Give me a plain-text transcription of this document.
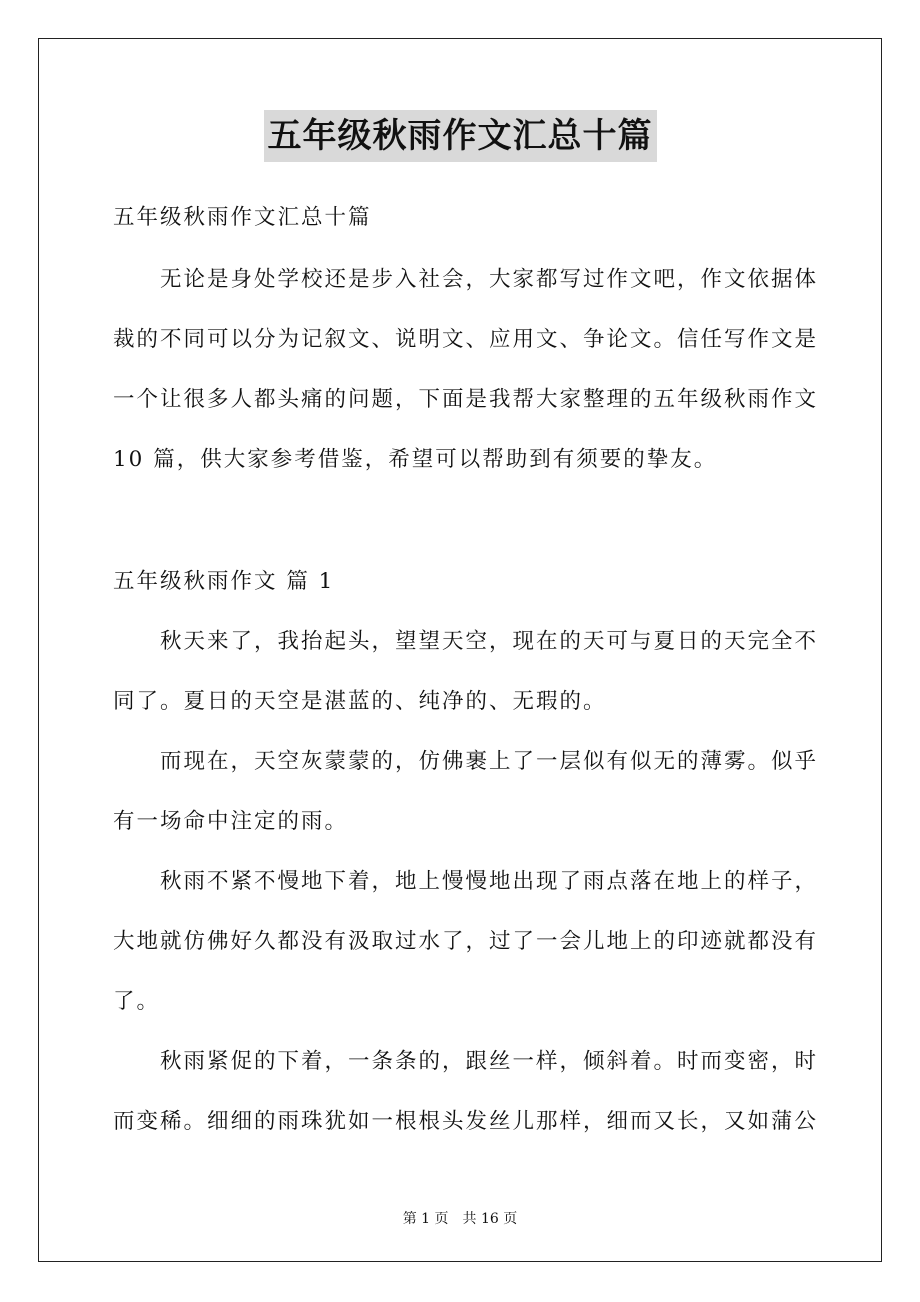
五年级秋雨作文汇总十篇
五年级秋雨作文汇总十篇
　　无论是身处学校还是步入社会，大家都写过作文吧，作文依据体
裁的不同可以分为记叙文、说明文、应用文、争论文。信任写作文是
一个让很多人都头痛的问题，下面是我帮大家整理的五年级秋雨作文
10 篇，供大家参考借鉴，希望可以帮助到有须要的挚友。
五年级秋雨作文 篇 1
　　秋天来了，我抬起头，望望天空，现在的天可与夏日的天完全不
同了。夏日的天空是湛蓝的、纯净的、无瑕的。
　　而现在，天空灰蒙蒙的，仿佛裹上了一层似有似无的薄雾。似乎
有一场命中注定的雨。
　　秋雨不紧不慢地下着，地上慢慢地出现了雨点落在地上的样子，
大地就仿佛好久都没有汲取过水了，过了一会儿地上的印迹就都没有
了。
　　秋雨紧促的下着，一条条的，跟丝一样，倾斜着。时而变密，时
而变稀。细细的雨珠犹如一根根头发丝儿那样，细而又长，又如蒲公
第 1 页　共 16 页
